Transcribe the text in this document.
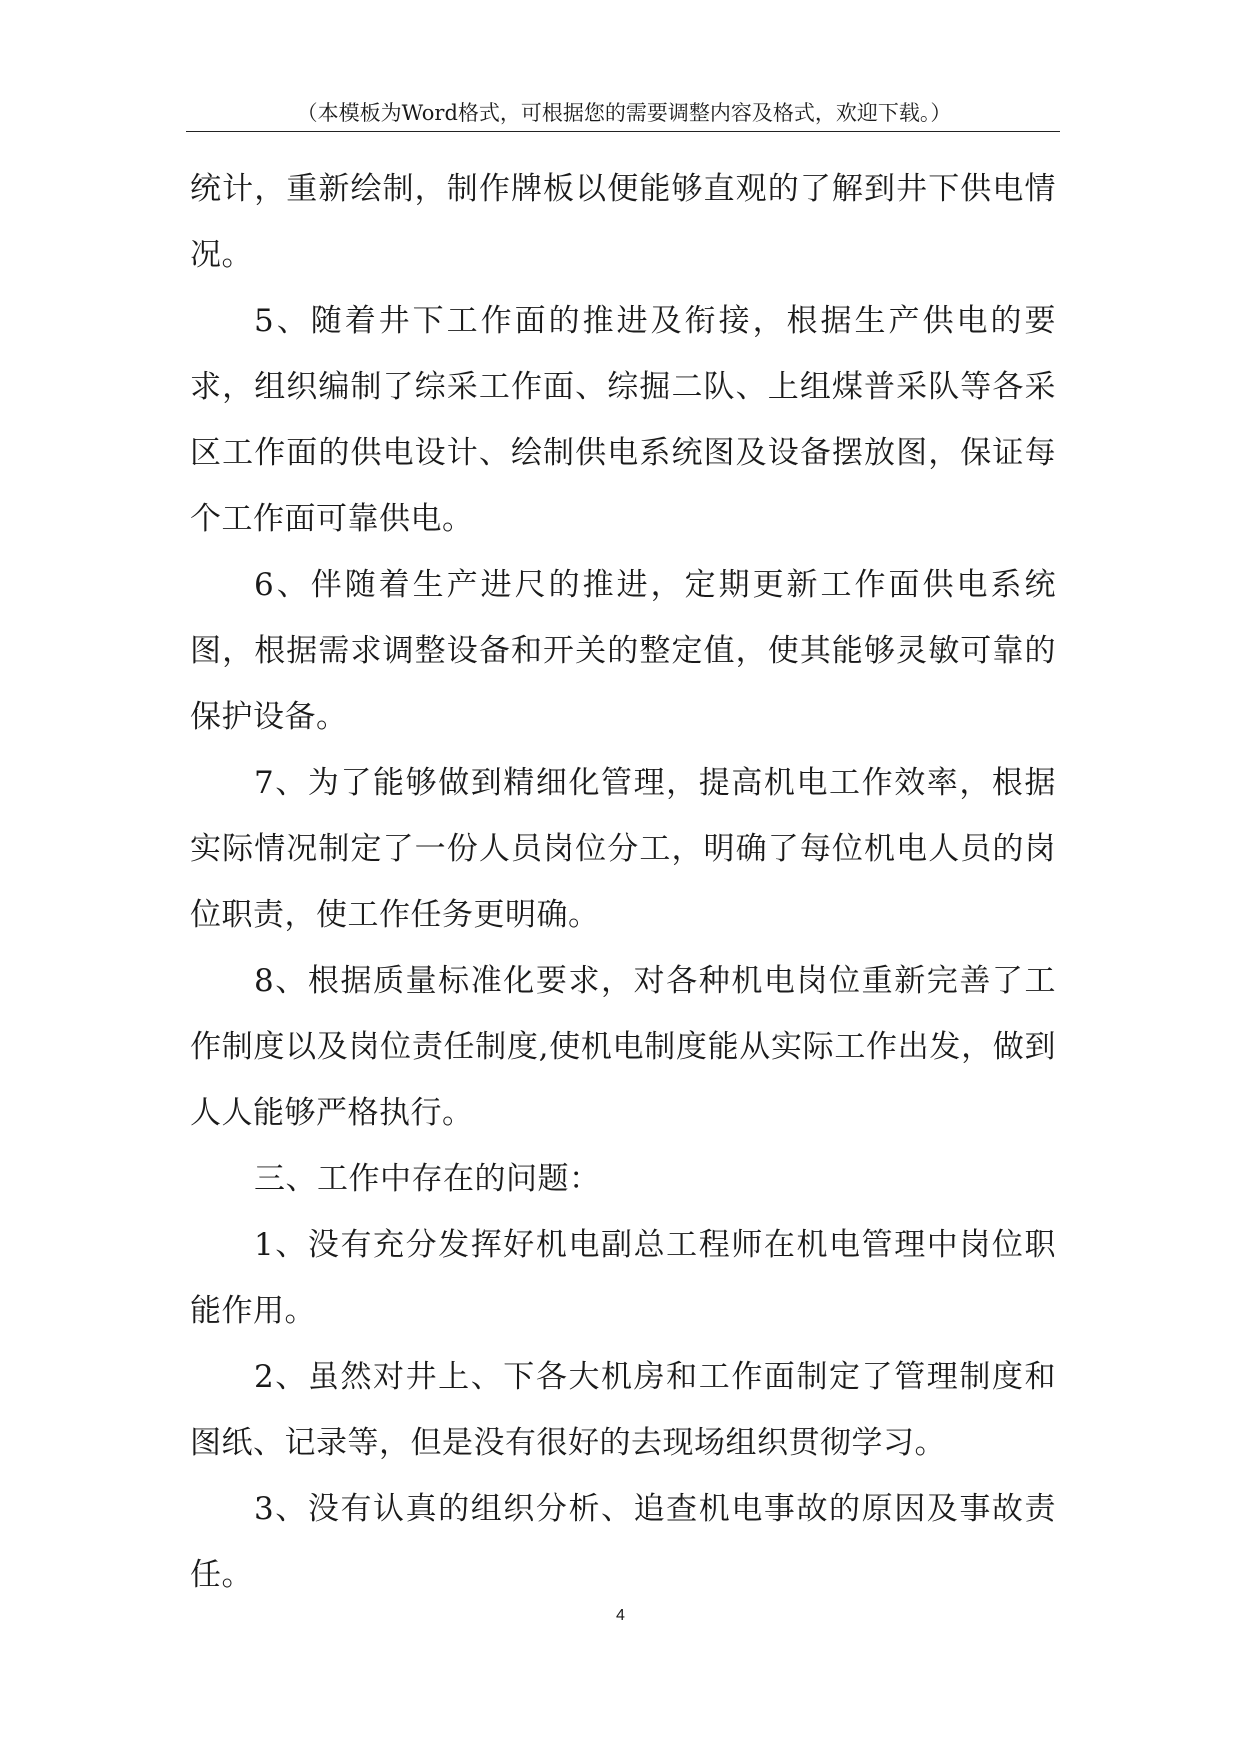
（本模板为Word格式，可根据您的需要调整内容及格式，欢迎下载。）

统计，重新绘制，制作牌板以便能够直观的了解到井下供电情况。

5、随着井下工作面的推进及衔接，根据生产供电的要求，组织编制了综采工作面、综掘二队、上组煤普采队等各采区工作面的供电设计、绘制供电系统图及设备摆放图，保证每个工作面可靠供电。

6、伴随着生产进尺的推进，定期更新工作面供电系统图，根据需求调整设备和开关的整定值，使其能够灵敏可靠的保护设备。

7、为了能够做到精细化管理，提高机电工作效率，根据实际情况制定了一份人员岗位分工，明确了每位机电人员的岗位职责，使工作任务更明确。

8、根据质量标准化要求，对各种机电岗位重新完善了工作制度以及岗位责任制度,使机电制度能从实际工作出发，做到人人能够严格执行。

三、工作中存在的问题：

1、没有充分发挥好机电副总工程师在机电管理中岗位职能作用。

2、虽然对井上、下各大机房和工作面制定了管理制度和图纸、记录等，但是没有很好的去现场组织贯彻学习。

3、没有认真的组织分析、追查机电事故的原因及事故责任。

4
